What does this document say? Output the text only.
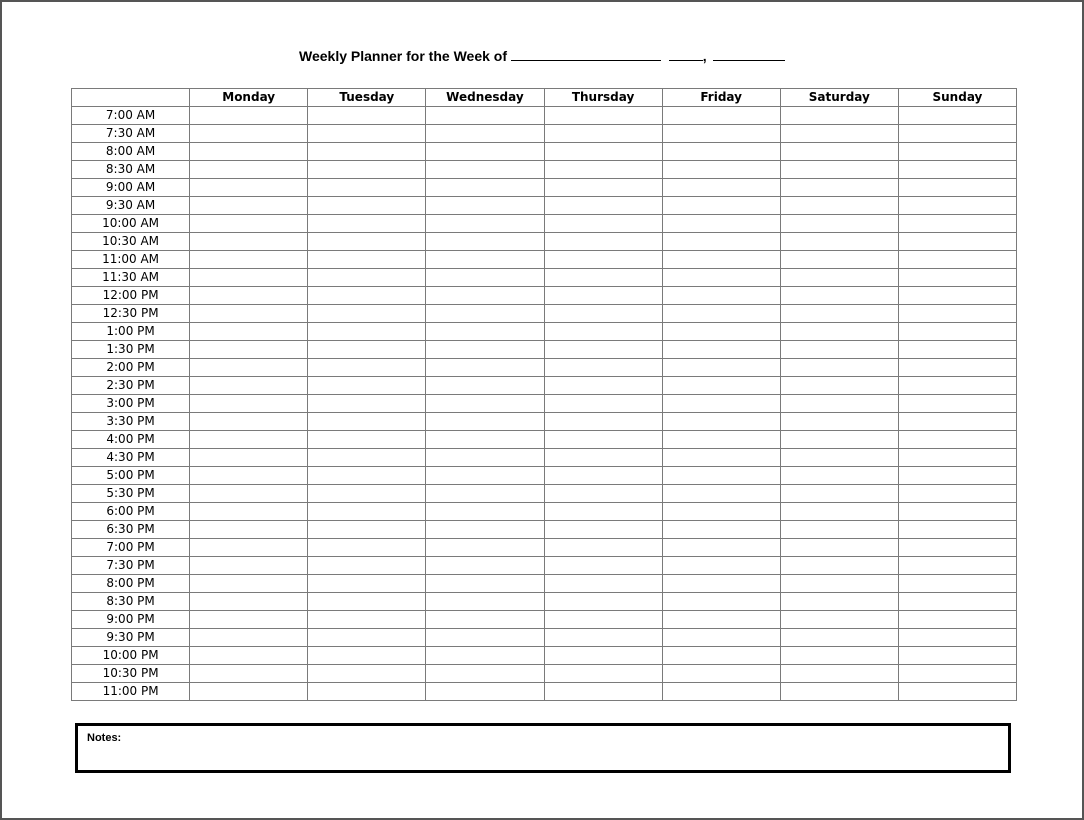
Weekly Planner for the Week of	,
	Monday	Tuesday	Wednesday	Thursday	Friday	Saturday	Sunday
7:00 AM							
7:30 AM							
8:00 AM							
8:30 AM							
9:00 AM							
9:30 AM							
10:00 AM							
10:30 AM							
11:00 AM							
11:30 AM							
12:00 PM							
12:30 PM							
1:00 PM							
1:30 PM							
2:00 PM							
2:30 PM							
3:00 PM							
3:30 PM							
4:00 PM							
4:30 PM							
5:00 PM							
5:30 PM							
6:00 PM							
6:30 PM							
7:00 PM							
7:30 PM							
8:00 PM							
8:30 PM							
9:00 PM							
9:30 PM							
10:00 PM							
10:30 PM							
11:00 PM							
Notes:
